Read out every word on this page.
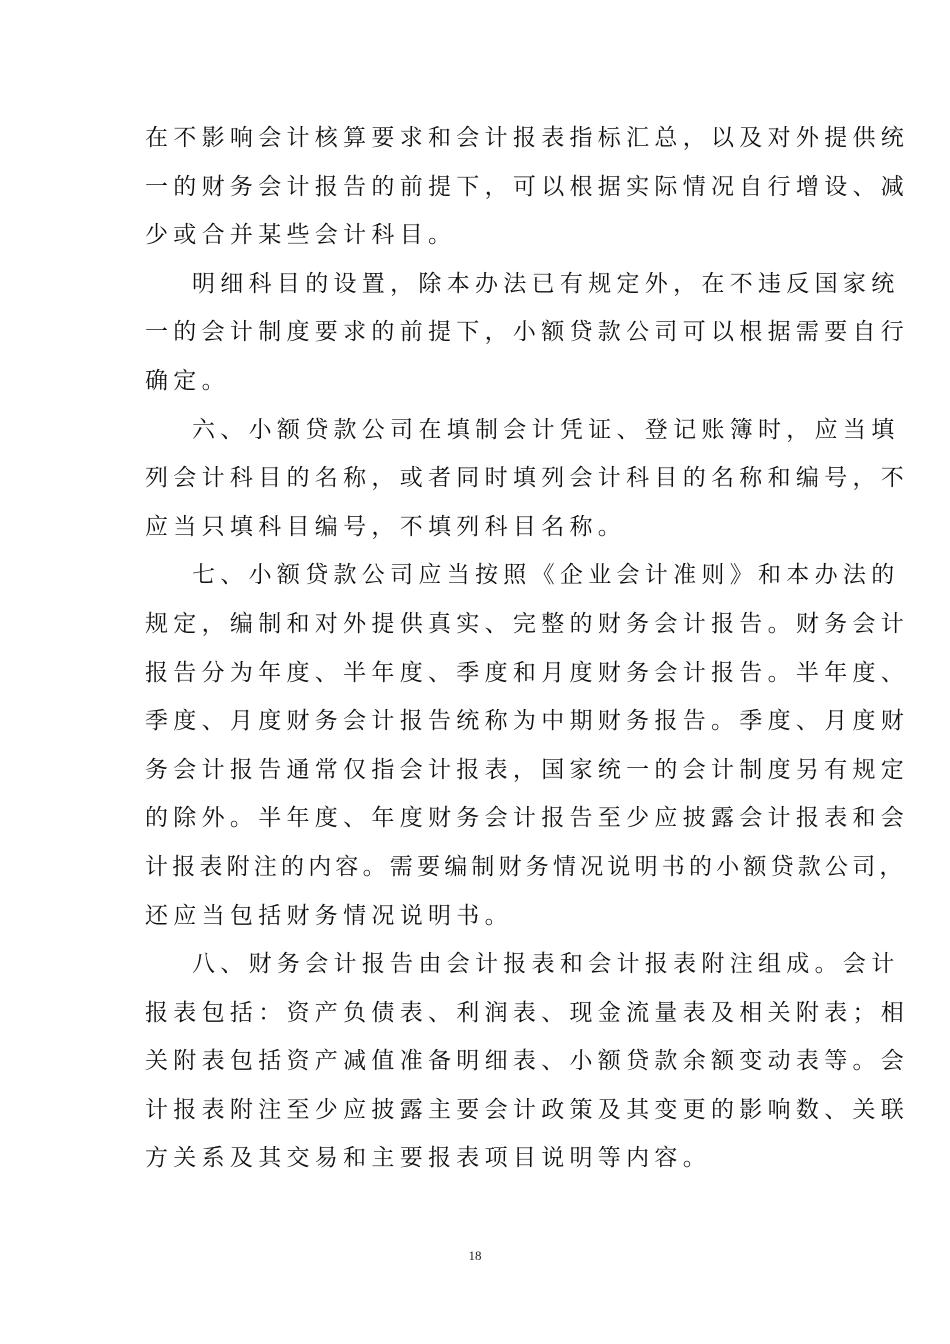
在不影响会计核算要求和会计报表指标汇总，以及对外提供统
一的财务会计报告的前提下，可以根据实际情况自行增设、减
少或合并某些会计科目。
明细科目的设置，除本办法已有规定外，在不违反国家统
一的会计制度要求的前提下，小额贷款公司可以根据需要自行
确定。
六、小额贷款公司在填制会计凭证、登记账簿时，应当填
列会计科目的名称，或者同时填列会计科目的名称和编号，不
应当只填科目编号，不填列科目名称。
七、小额贷款公司应当按照《企业会计准则》和本办法的
规定，编制和对外提供真实、完整的财务会计报告。财务会计
报告分为年度、半年度、季度和月度财务会计报告。半年度、
季度、月度财务会计报告统称为中期财务报告。季度、月度财
务会计报告通常仅指会计报表，国家统一的会计制度另有规定
的除外。半年度、年度财务会计报告至少应披露会计报表和会
计报表附注的内容。需要编制财务情况说明书的小额贷款公司，
还应当包括财务情况说明书。
八、财务会计报告由会计报表和会计报表附注组成。会计
报表包括：资产负债表、利润表、现金流量表及相关附表；相
关附表包括资产减值准备明细表、小额贷款余额变动表等。会
计报表附注至少应披露主要会计政策及其变更的影响数、关联
方关系及其交易和主要报表项目说明等内容。
18
